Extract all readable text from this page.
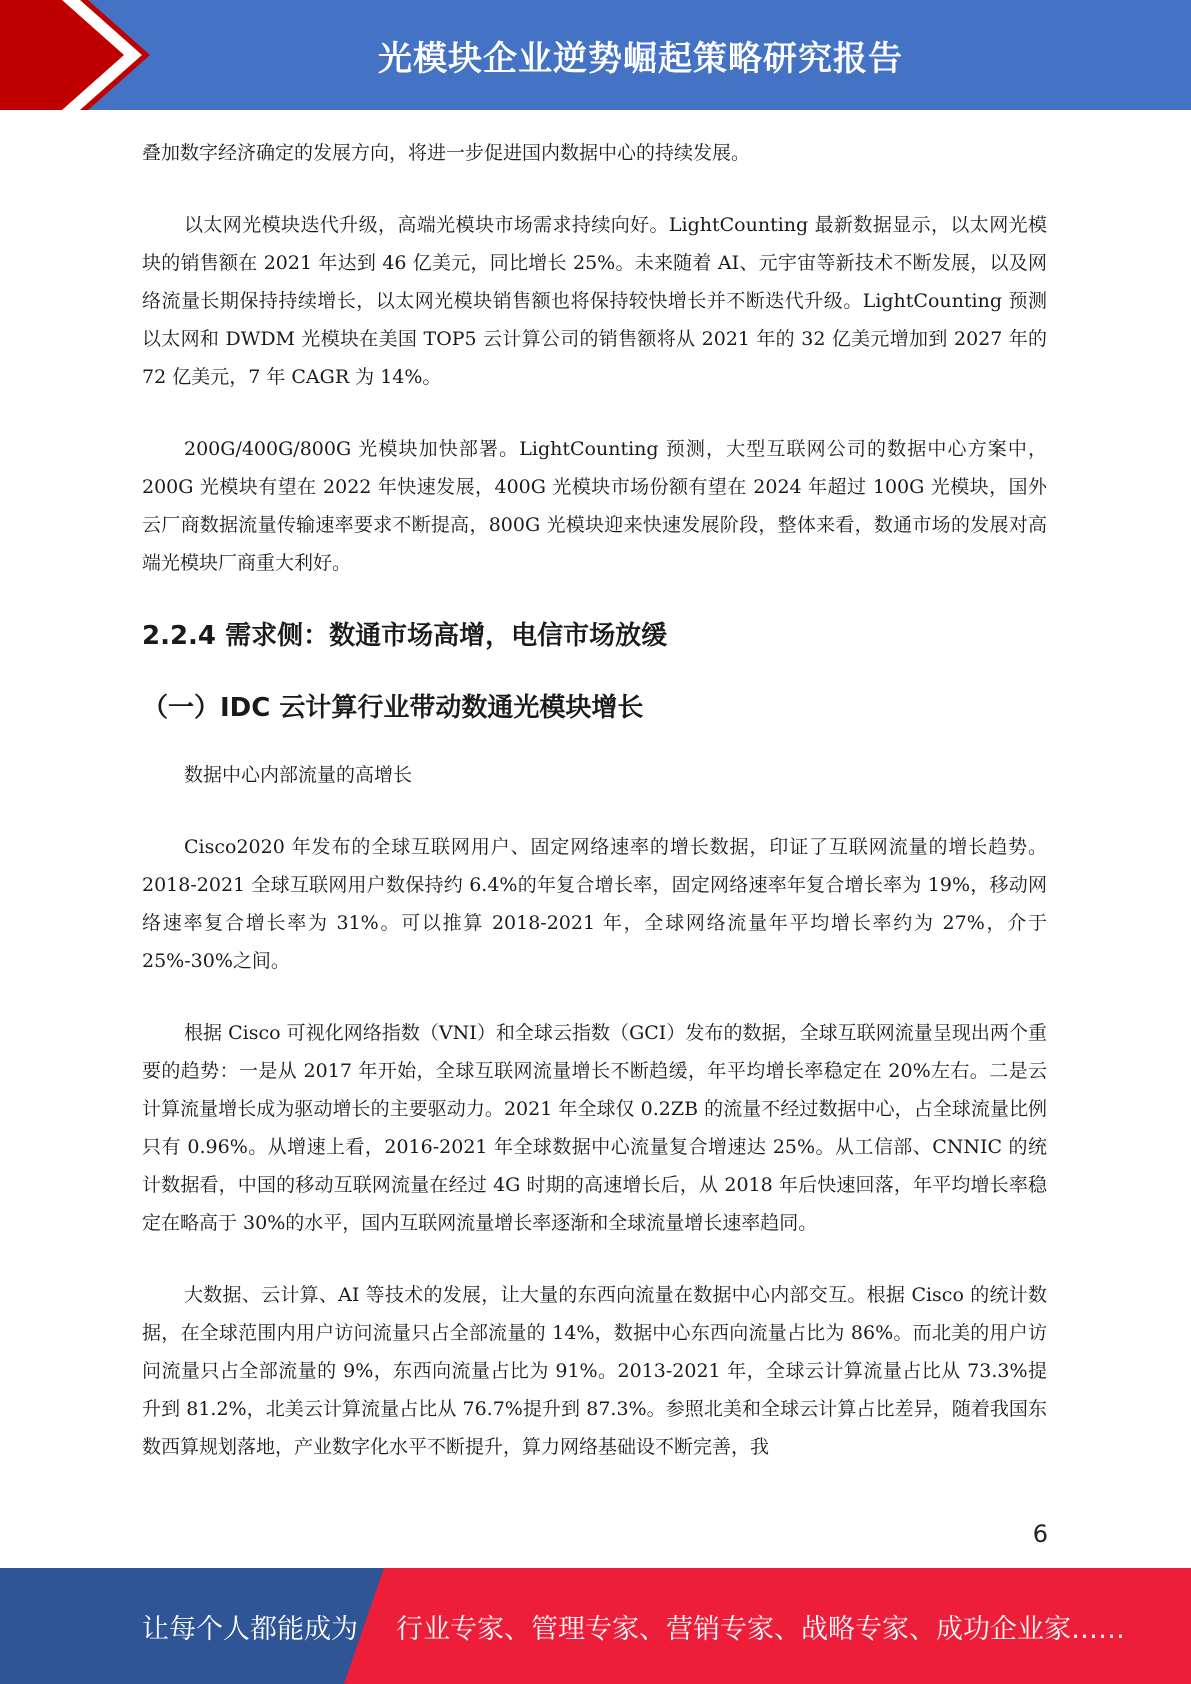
光模块企业逆势崛起策略研究报告

叠加数字经济确定的发展方向，将进一步促进国内数据中心的持续发展。

以太网光模块迭代升级，高端光模块市场需求持续向好。LightCounting 最新数据显示，以太网光模块的销售额在 2021 年达到 46 亿美元，同比增长 25%。未来随着 AI、元宇宙等新技术不断发展，以及网络流量长期保持持续增长，以太网光模块销售额也将保持较快增长并不断迭代升级。LightCounting 预测以太网和 DWDM 光模块在美国 TOP5 云计算公司的销售额将从 2021 年的 32 亿美元增加到 2027 年的 72 亿美元，7 年 CAGR 为 14%。

200G/400G/800G 光模块加快部署。LightCounting 预测，大型互联网公司的数据中心方案中，200G 光模块有望在 2022 年快速发展，400G 光模块市场份额有望在 2024 年超过 100G 光模块，国外云厂商数据流量传输速率要求不断提高，800G 光模块迎来快速发展阶段，整体来看，数通市场的发展对高端光模块厂商重大利好。

2.2.4 需求侧：数通市场高增，电信市场放缓
（一）IDC 云计算行业带动数通光模块增长

数据中心内部流量的高增长

Cisco2020 年发布的全球互联网用户、固定网络速率的增长数据，印证了互联网流量的增长趋势。2018-2021 全球互联网用户数保持约 6.4%的年复合增长率，固定网络速率年复合增长率为 19%，移动网络速率复合增长率为 31%。可以推算 2018-2021 年，全球网络流量年平均增长率约为 27%，介于 25%-30%之间。

根据 Cisco 可视化网络指数（VNI）和全球云指数（GCI）发布的数据，全球互联网流量呈现出两个重要的趋势：一是从 2017 年开始，全球互联网流量增长不断趋缓，年平均增长率稳定在 20%左右。二是云计算流量增长成为驱动增长的主要驱动力。2021 年全球仅 0.2ZB 的流量不经过数据中心，占全球流量比例只有 0.96%。从增速上看，2016-2021 年全球数据中心流量复合增速达 25%。从工信部、CNNIC 的统计数据看，中国的移动互联网流量在经过 4G 时期的高速增长后，从 2018 年后快速回落，年平均增长率稳定在略高于 30%的水平，国内互联网流量增长率逐渐和全球流量增长速率趋同。

大数据、云计算、AI 等技术的发展，让大量的东西向流量在数据中心内部交互。根据 Cisco 的统计数据，在全球范围内用户访问流量只占全部流量的 14%，数据中心东西向流量占比为 86%。而北美的用户访问流量只占全部流量的 9%，东西向流量占比为 91%。2013-2021 年，全球云计算流量占比从 73.3%提升到 81.2%，北美云计算流量占比从 76.7%提升到 87.3%。参照北美和全球云计算占比差异，随着我国东数西算规划落地，产业数字化水平不断提升，算力网络基础设不断完善，我

6
让每个人都能成为 行业专家、管理专家、营销专家、战略专家、成功企业家……
